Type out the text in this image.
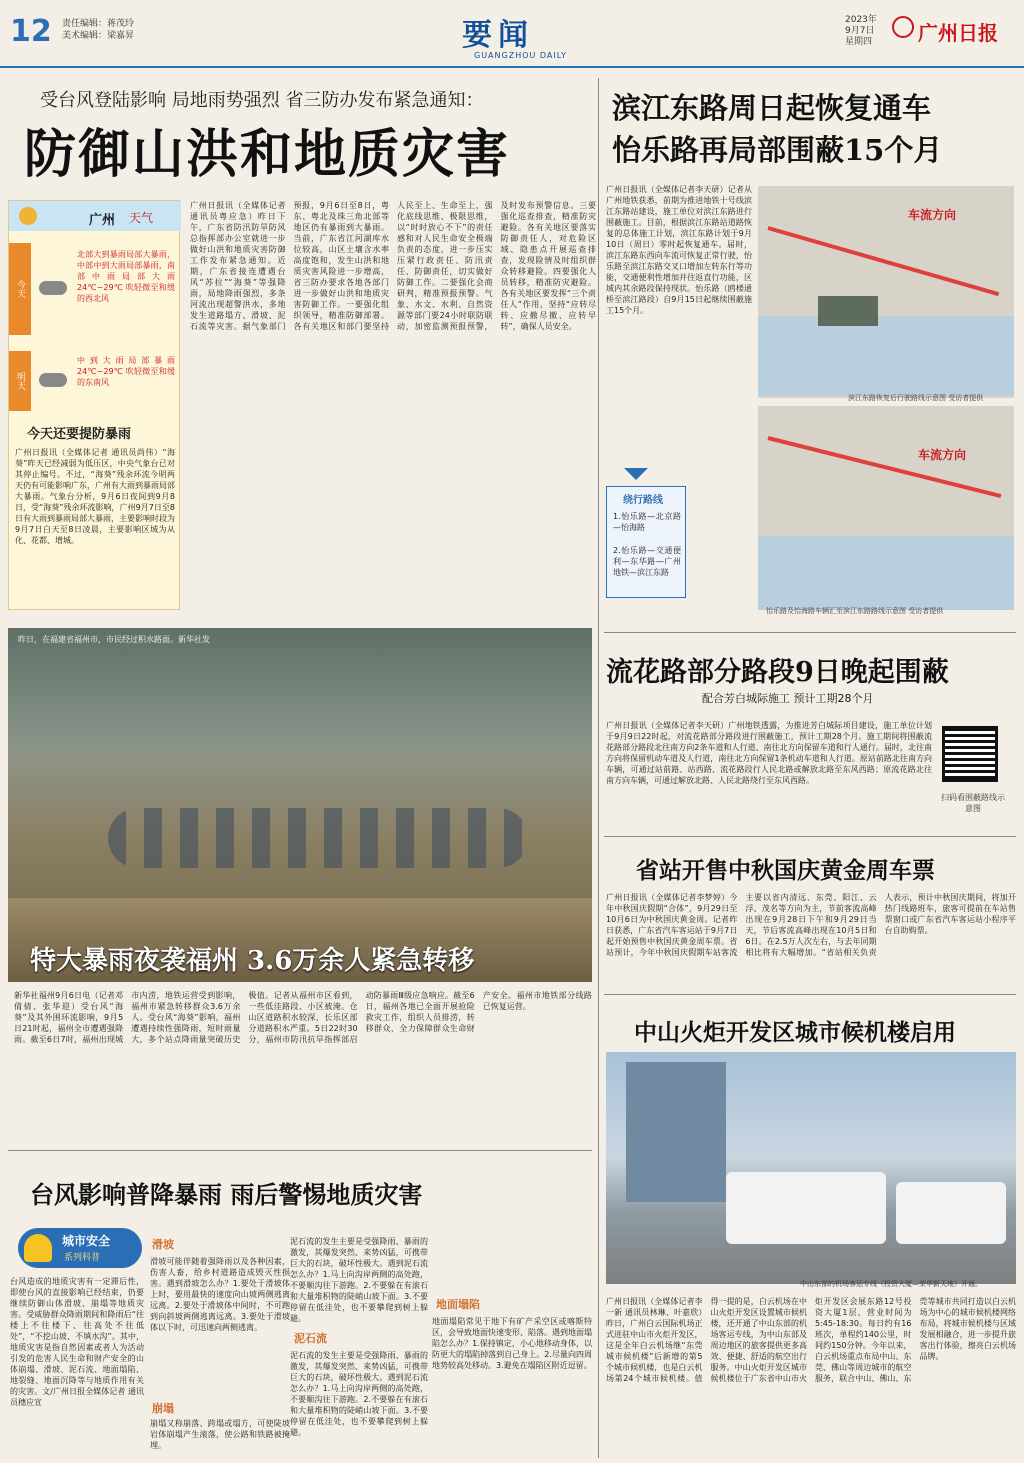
12 责任编辑：蒋茂玲
美术编辑：梁嘉昇	要闻
GUANGZHOU DAILY
2023年
9月7日
星期四 广州日报
受台风登陆影响 局地雨势强烈 省三防办发布紧急通知：
防御山洪和地质灾害
广州 天气
今天
北部大到暴雨局部大暴雨，中部中到大雨局部暴雨，南部中雨局部大雨 24℃~29℃ 吹轻微至和缓的西北风
明天
中到大雨局部暴雨 24℃~29℃ 吹轻微至和缓的东南风
今天还要提防暴雨
广州日报讯（全媒体记者 通讯员尚伟）“海葵”昨天已经减弱为低压区，中央气象台已对其停止编号。不过，“海葵”残余环流今明两天仍有可能影响广东，广州有大雨到暴雨局部大暴雨。气象台分析，9月6日夜间到9月8日，受“海葵”残余环流影响，广州9月7日至8日有大雨到暴雨局部大暴雨，主要影响时段为9月7日白天至8日凌晨，主要影响区域为从化、花都、增城。
广州日报讯（全媒体记者 通讯员粤应急）昨日下午，广东省防汛防旱防风总指挥部办公室就进一步做好山洪和地质灾害防御工作发布紧急通知。近期，广东省接连遭遇台风“苏拉”“海葵”等强降雨，局地降雨强烈，多条河流出现超警洪水，多地发生道路塌方、滑坡、泥石流等灾害。据气象部门预报，9月6日至8日，粤东、粤北及珠三角北部等地区仍有暴雨到大暴雨。当前，广东省江河湖库水位较高，山区土壤含水率高度饱和，发生山洪和地质灾害风险进一步增高，省三防办要求各地各部门进一步做好山洪和地质灾害防御工作。一要强化组织领导，精准防御部署。各有关地区和部门要坚持人民至上、生命至上，强化底线思维、极限思维，以“时时放心不下”的责任感和对人民生命安全极端负责的态度，进一步压实压紧行政责任、防汛责任、防御责任，切实做好防御工作。二要强化会商研判，精准预报预警。气象、水文、水利、自然资源等部门要24小时联防联动，加密监测预报预警，及时发布预警信息。三要强化巡查排查，精准防灾避险。各有关地区要落实防御责任人，对危险区域、隐患点开展巡查排查，发现险情及时组织群众转移避险。四要强化人员转移，精准防灾避险。各有关地区要发挥“三个责任人”作用，坚持“应转尽转、应撤尽撤、应转早转”，确保人员安全。
昨日，在福建省福州市，市民经过积水路面。新华社发
特大暴雨夜袭福州 3.6万余人紧急转移
新华社福州9月6日电（记者邓倩倩、张华迎）受台风“海葵”及其外围环流影响，9月5日21时起，福州全市遭遇强降雨。截至6日7时，福州出现城市内涝，地铁运营受到影响，福州市紧急转移群众3.6万余人。受台风“海葵”影响，福州遭遇持续性强降雨，短时雨量大，多个站点降雨量突破历史极值。记者从福州市区看到，一些低洼路段、小区被淹。仓山区道路积水较深，长乐区部分道路积水严重。5日22时30分，福州市防汛抗旱指挥部启动防暴雨Ⅲ级应急响应。截至6日，福州各地已全面开展抢险救灾工作，组织人员排涝，转移群众，全力保障群众生命财产安全。福州市地铁部分线路已恢复运营。
台风影响普降暴雨 雨后警惕地质灾害
城市安全
系列科普
台风造成的地质灾害有一定滞后性，即使台风的直接影响已经结束，仍要继续防御山体滑坡、崩塌等地质灾害。受威胁群众降雨期间和降雨后“往楼上不往楼下、往高处不往低处”，“不挖山坡、不填水沟”。其中，地质灾害是指自然因素或者人为活动引发的危害人民生命和财产安全的山体崩塌、滑坡、泥石流、地面塌陷、地裂缝、地面沉降等与地质作用有关的灾害。文/广州日报全媒体记者 通讯员穗应宣
滑坡
滑坡可能伴随着强降雨以及各种因素，伤害人畜，给乡村道路造成毁灭性损害。遇到滑坡怎么办？1.要处于滑坡体上时，要用最快的速度向山坡两侧逃离远离。2.要处于滑坡体中间时，不可跑到向斜坡两侧逃离远离。3.要处于滑坡体以下时，可迅速向两侧逃离。
崩塌
崩塌又称崩落、跨塌或塌方，可使陡坡岩体崩塌产生滚落，使公路和铁路被掩埋。
泥石流
泥石流的发生主要是受强降雨、暴雨的激发，其爆发突然、来势凶猛，可携带巨大的石块，破坏性极大。遇到泥石流怎么办？1.马上向沟岸两侧的高处跑，不要顺沟往下游跑。2.不要躲在有滚石和大量堆积物的陡峭山坡下面。3.不要停留在低洼处，也不要攀爬到树上躲避。
泥石流的发生主要是受强降雨、暴雨的激发，其爆发突然、来势凶猛，可携带巨大的石块，破坏性极大。遇到泥石流怎么办？1.马上向沟岸两侧的高处跑，不要顺沟往下游跑。2.不要躲在有滚石和大量堆积物的陡峭山坡下面。3.不要停留在低洼处，也不要攀爬到树上躲避。
地面塌陷
地面塌陷常见于地下有矿产采空区或喀斯特区，会导致地面快速变形、陷落。遇到地面塌陷怎么办？1.保持镇定，小心地移动身体，以防更大的塌陷掉落到自己身上。2.尽量向四周地势较高处移动。3.避免在塌陷区附近逗留。
滨江东路周日起恢复通车
怡乐路再局部围蔽15个月
广州日报讯（全媒体记者李天研）记者从广州地铁获悉，前期为推进地铁十号线滨江东路站建设，施工单位对滨江东路进行围蔽施工。目前，根据滨江东路站道路恢复的总体施工计划，滨江东路计划于9月10日（周日）零时起恢复通车。届时，滨江东路东西向车流可恢复正常行驶，怡乐路至滨江东路交叉口增加左转东行等功能，交通便利性增加并往返直行功能，区域内其余路段保持现状。怡乐路（鸥楼通桥至滨江路段）自9月15日起继续围蔽施工15个月。
车流方向
滨江东路恢复后行驶路线示意图 受访者提供
车流方向
怡乐路及怡海路车辆汇至滨江东路路线示意图 受访者提供
绕行路线
1.怡乐路—北京路—怡海路
2.怡乐路—交通便利—东华路—广州地铁—滨江东路
流花路部分路段9日晚起围蔽
配合芳白城际施工 预计工期28个月
广州日报讯（全媒体记者李天研）广州地铁透露，为推进芳白城际项目建设，施工单位计划于9月9日22时起，对流花路部分路段进行围蔽施工，预计工期28个月。施工期间将围蔽流花路部分路段北往南方向2条车道和人行道、南往北方向保留车道和行人通行。届时，北往南方向将保留机动车道及人行道，南往北方向保留1条机动车道和人行道。原站前路北往南方向车辆，可通过站前路、站西路、流花路段行人民北路或解放北路至东风西路；原流花路北往南方向车辆，可通过解放北路、人民北路绕行至东风西路。
扫码看围蔽路线示意图
省站开售中秋国庆黄金周车票
广州日报讯（全媒体记者李梦婷）今年中秋国庆假期“合体”，9月29日至10月6日为中秋国庆黄金周。记者昨日获悉，广东省汽车客运站于9月7日起开始预售中秋国庆黄金周车票。省站预计，今年中秋国庆假期车站客流主要以省内清远、东莞、阳江、云浮、茂名等方向为主，节前客流高峰出现在9月28日下午和9月29日当天，节后客流高峰出现在10月5日和6日。在2.5万人次左右，与去年同期相比将有大幅增加。“省站相关负责人表示，预计中秋国庆期间，将加开热门线路班车，旅客可提前在车站售票窗口或广东省汽车客运站小程序平台自助购票。
中山火炬开发区城市候机楼启用
中山东部的机场客运专线（投资大厦—荣华新天地）开通。
广州日报讯（全媒体记者李一新 通讯员林琳、叶嘉欣）昨日，广州白云国际机场正式进驻中山市火炬开发区，这是全年白云机场继“东莞城市候机楼”后新增的第5个城市候机楼，也是白云机场第24个城市候机楼。值得一提的是，白云机场在中山火炬开发区设置城市候机楼，还开通了中山东部的机场客运专线，为中山东部及周边地区的旅客提供更多高效、便捷、舒适的航空出行服务。中山火炬开发区城市候机楼位于广东省中山市火炬开发区会展东路12号投资大厦1层，营业时间为5:45-18:30。每日约有16班次，单程约140公里，时间约150分钟。今年以来，白云机场重点布局中山、东莞、佛山等周边城市的航空服务，联合中山、佛山、东莞等城市共同打造以白云机场为中心的城市候机楼网络布局，将城市候机楼与区域发展相融合，进一步提升旅客出行体验，擦亮白云机场品牌。
